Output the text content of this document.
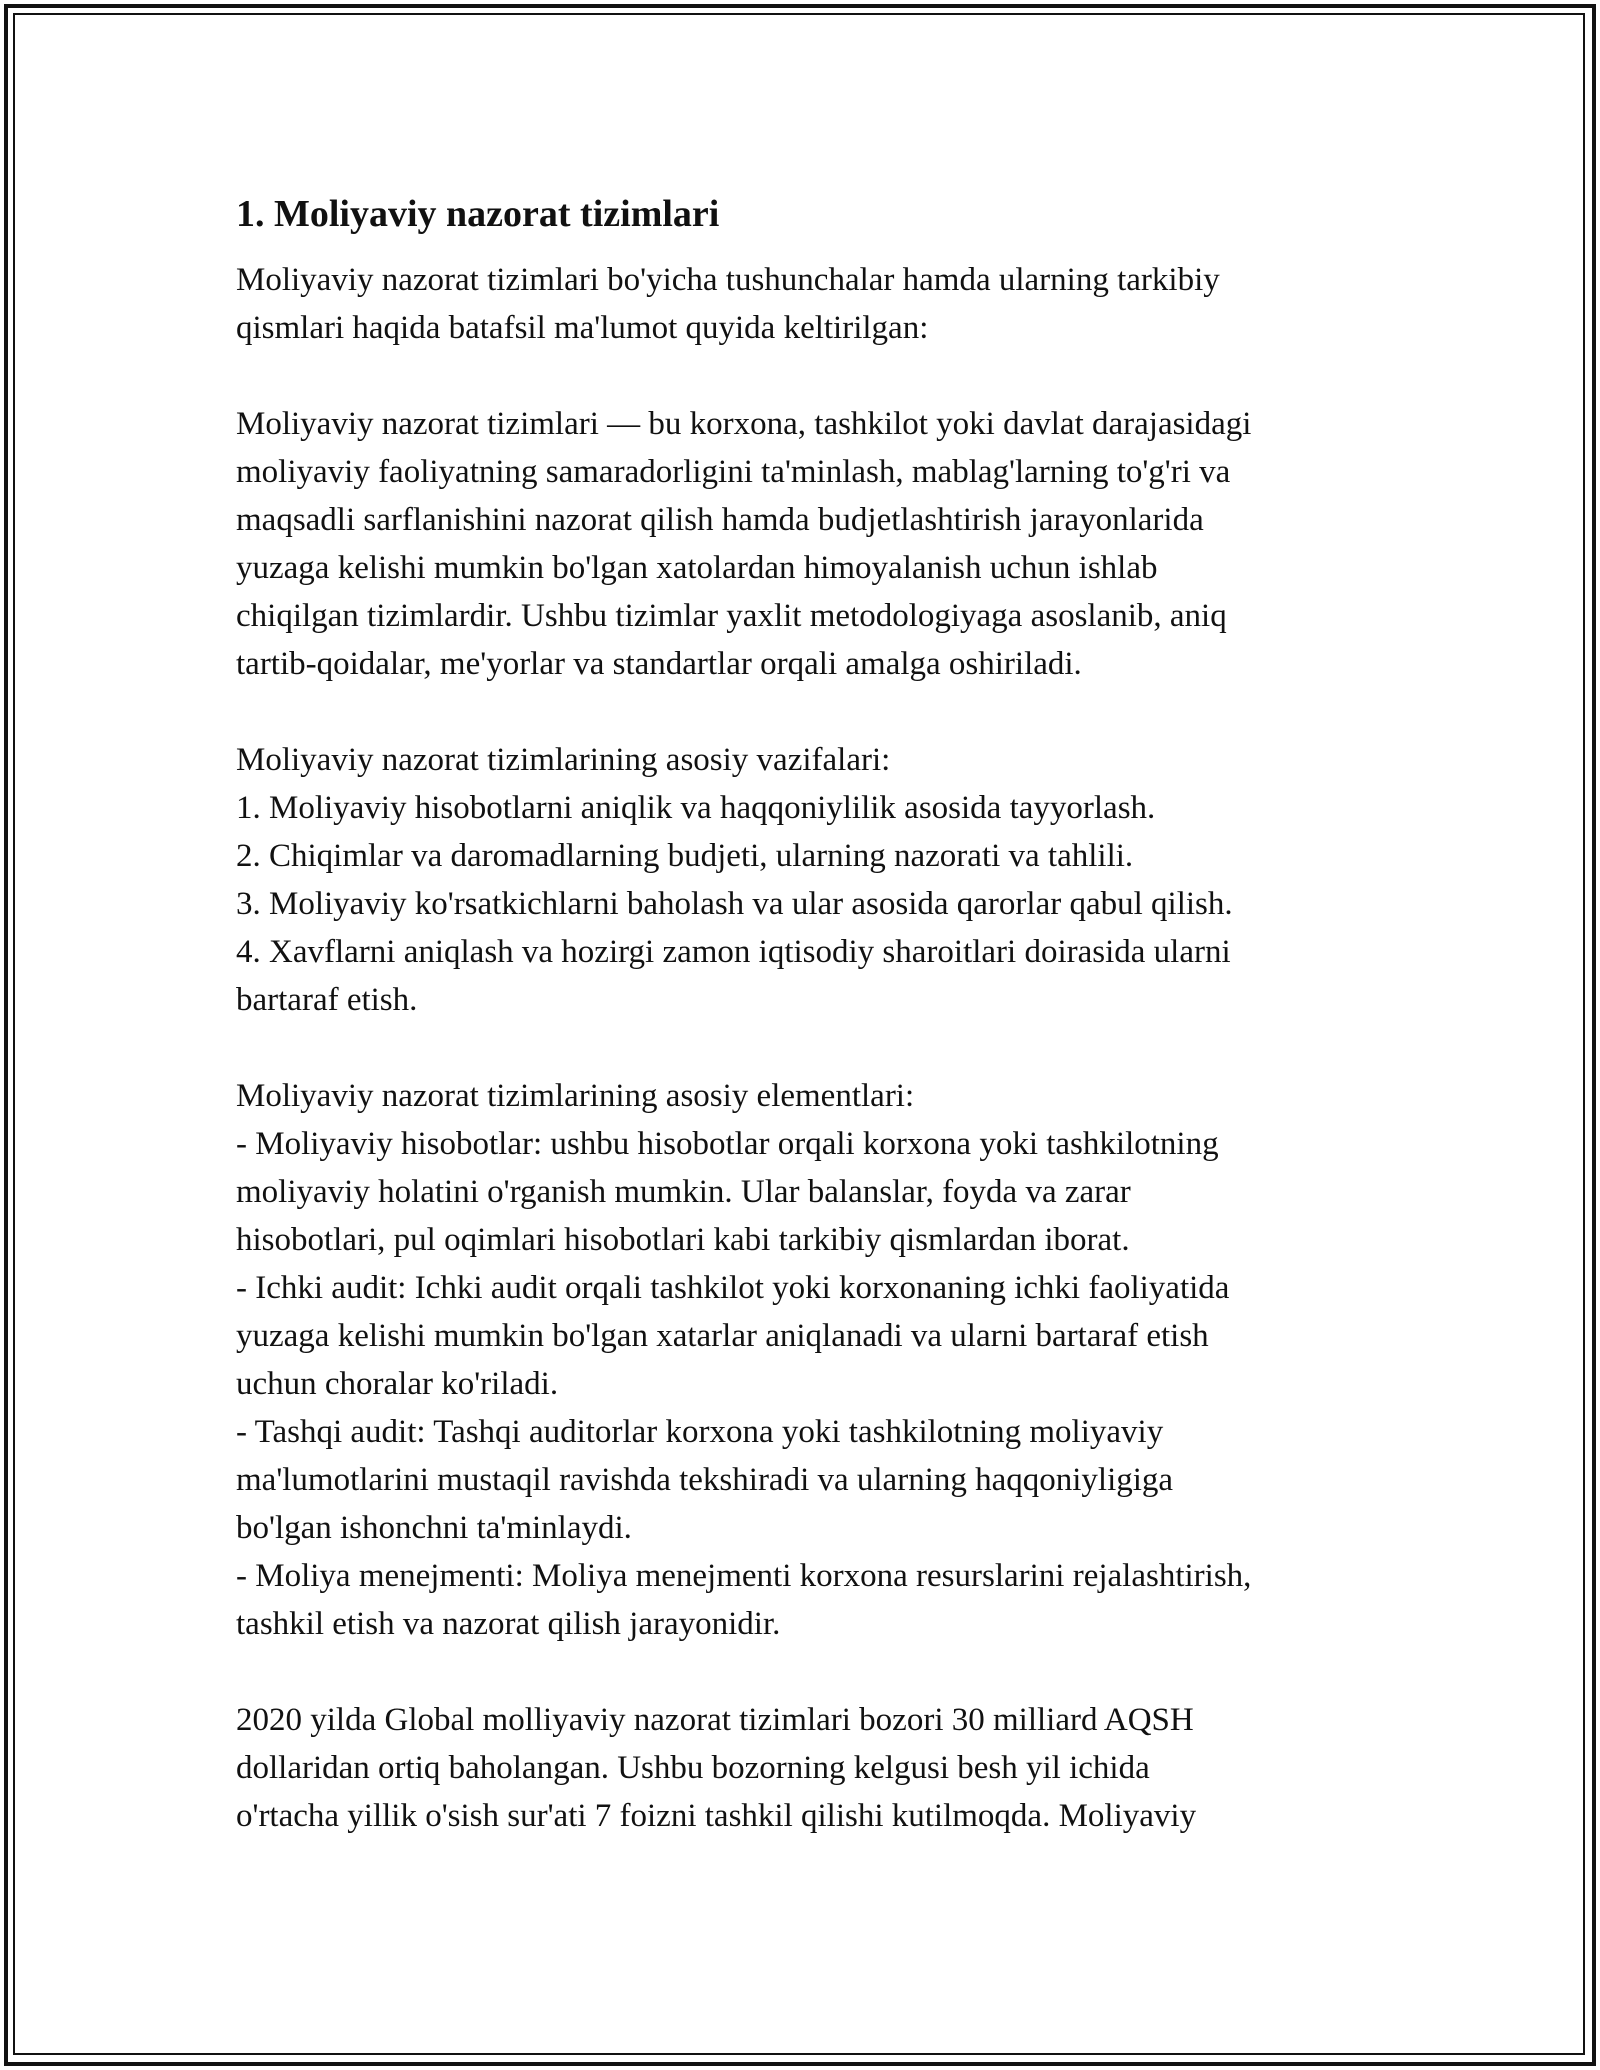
1. Moliyaviy nazorat tizimlari
Moliyaviy nazorat tizimlari bo'yicha tushunchalar hamda ularning tarkibiy
qismlari haqida batafsil ma'lumot quyida keltirilgan:
Moliyaviy nazorat tizimlari — bu korxona, tashkilot yoki davlat darajasidagi
moliyaviy faoliyatning samaradorligini ta'minlash, mablag'larning to'g'ri va
maqsadli sarflanishini nazorat qilish hamda budjetlashtirish jarayonlarida
yuzaga kelishi mumkin bo'lgan xatolardan himoyalanish uchun ishlab
chiqilgan tizimlardir. Ushbu tizimlar yaxlit metodologiyaga asoslanib, aniq
tartib-qoidalar, me'yorlar va standartlar orqali amalga oshiriladi.
Moliyaviy nazorat tizimlarining asosiy vazifalari:
1. Moliyaviy hisobotlarni aniqlik va haqqoniylilik asosida tayyorlash.
2. Chiqimlar va daromadlarning budjeti, ularning nazorati va tahlili.
3. Moliyaviy ko'rsatkichlarni baholash va ular asosida qarorlar qabul qilish.
4. Xavflarni aniqlash va hozirgi zamon iqtisodiy sharoitlari doirasida ularni
bartaraf etish.
Moliyaviy nazorat tizimlarining asosiy elementlari:
- Moliyaviy hisobotlar: ushbu hisobotlar orqali korxona yoki tashkilotning
moliyaviy holatini o'rganish mumkin. Ular balanslar, foyda va zarar
hisobotlari, pul oqimlari hisobotlari kabi tarkibiy qismlardan iborat.
- Ichki audit: Ichki audit orqali tashkilot yoki korxonaning ichki faoliyatida
yuzaga kelishi mumkin bo'lgan xatarlar aniqlanadi va ularni bartaraf etish
uchun choralar ko'riladi.
- Tashqi audit: Tashqi auditorlar korxona yoki tashkilotning moliyaviy
ma'lumotlarini mustaqil ravishda tekshiradi va ularning haqqoniyligiga
bo'lgan ishonchni ta'minlaydi.
- Moliya menejmenti: Moliya menejmenti korxona resurslarini rejalashtirish,
tashkil etish va nazorat qilish jarayonidir.
2020 yilda Global molliyaviy nazorat tizimlari bozori 30 milliard AQSH
dollaridan ortiq baholangan. Ushbu bozorning kelgusi besh yil ichida
o'rtacha yillik o'sish sur'ati 7 foizni tashkil qilishi kutilmoqda. Moliyaviy
